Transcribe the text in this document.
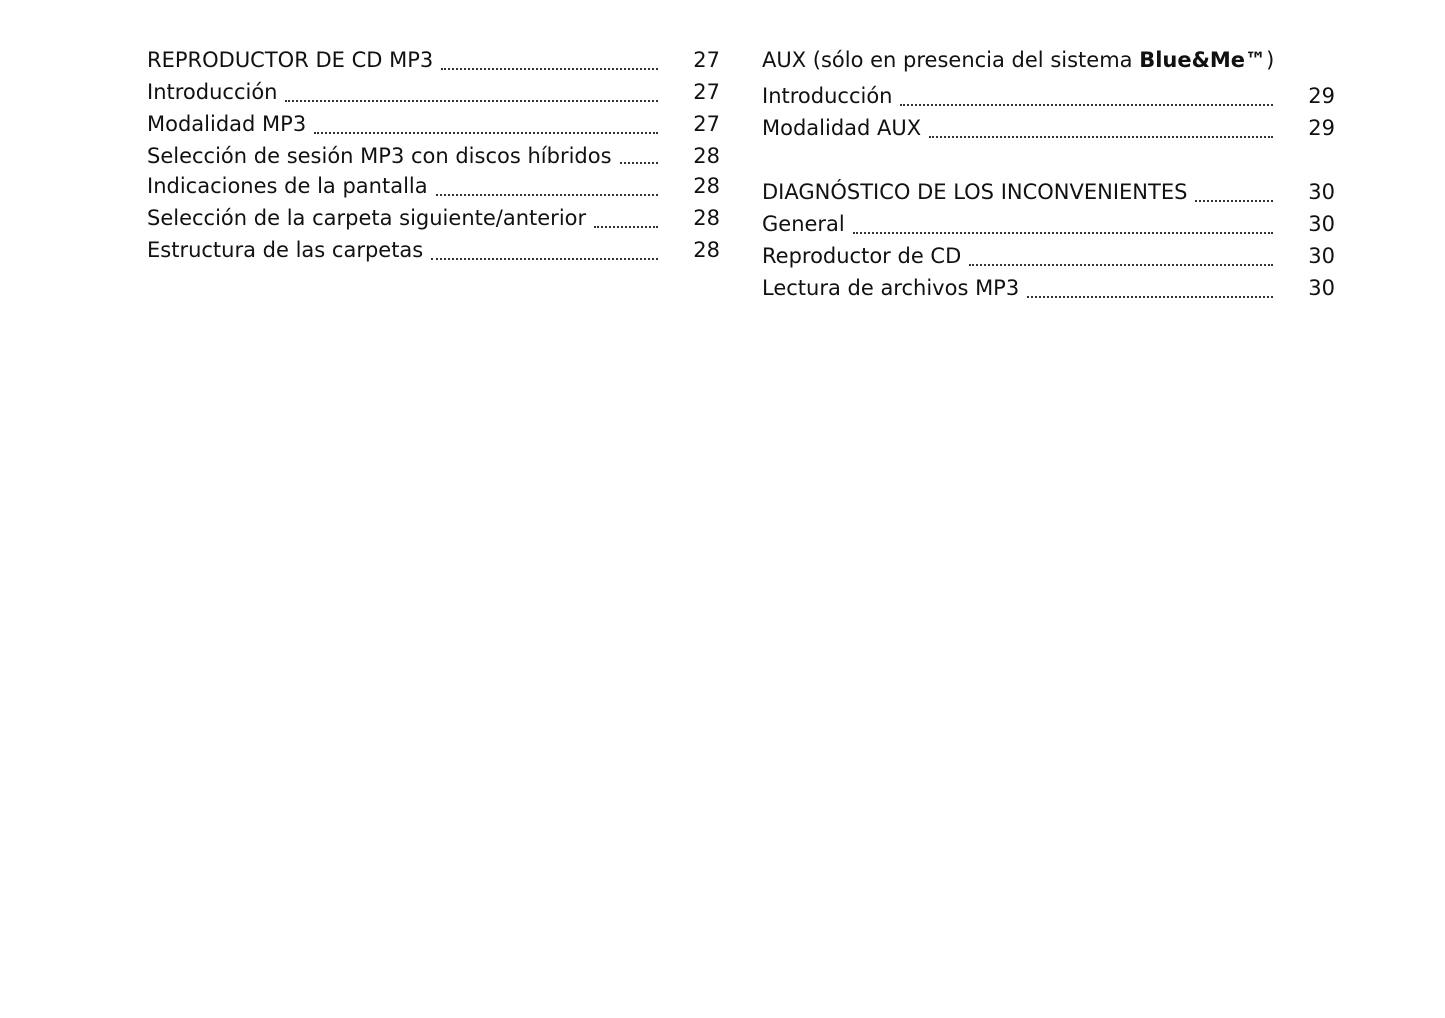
REPRODUCTOR DE CD MP3	27
Introducción	27
Modalidad MP3	27
Selección de sesión MP3 con discos híbridos	28
Indicaciones de la pantalla	28
Selección de la carpeta siguiente/anterior	28
Estructura de las carpetas	28
AUX (sólo en presencia del sistema Blue&Me™)
Introducción	29
Modalidad AUX	29
DIAGNÓSTICO DE LOS INCONVENIENTES	30
General	30
Reproductor de CD	30
Lectura de archivos MP3	30
